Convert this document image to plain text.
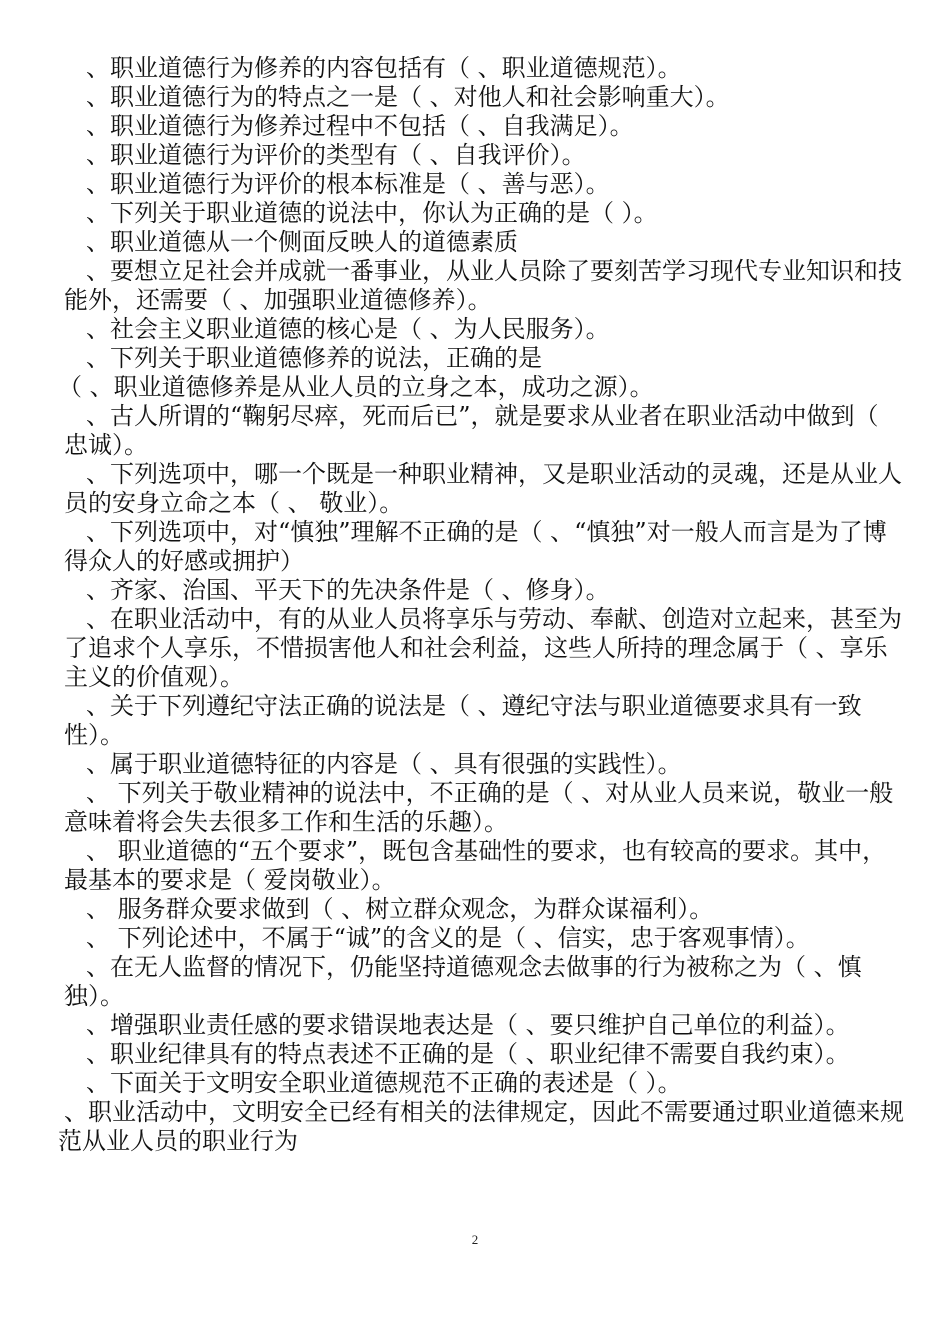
、职业道德行为修养的内容包括有（ 、职业道德规范）。

、职业道德行为的特点之一是（ 、对他人和社会影响重大）。

、职业道德行为修养过程中不包括（ 、自我满足）。

、职业道德行为评价的类型有（ 、自我评价）。

、职业道德行为评价的根本标准是（ 、善与恶）。

、下列关于职业道德的说法中，你认为正确的是（ ）。

、职业道德从一个侧面反映人的道德素质

、要想立足社会并成就一番事业，从业人员除了要刻苦学习现代专业知识和技能外，还需要（ 、加强职业道德修养）。

、社会主义职业道德的核心是（ 、为人民服务）。

、下列关于职业道德修养的说法，正确的是

（ 、职业道德修养是从业人员的立身之本，成功之源）。

、古人所谓的“鞠躬尽瘁，死而后已”，就是要求从业者在职业活动中做到（ 忠诚）。

、下列选项中，哪一个既是一种职业精神，又是职业活动的灵魂，还是从业人员的安身立命之本（ 、 敬业）。

、下列选项中，对“慎独”理解不正确的是（ 、“慎独”对一般人而言是为了博得众人的好感或拥护）

、齐家、治国、平天下的先决条件是（ 、修身）。

、在职业活动中，有的从业人员将享乐与劳动、奉献、创造对立起来，甚至为了追求个人享乐，不惜损害他人和社会利益，这些人所持的理念属于（ 、享乐主义的价值观）。

、关于下列遵纪守法正确的说法是（ 、遵纪守法与职业道德要求具有一致性）。

、属于职业道德特征的内容是（ 、具有很强的实践性）。

、 下列关于敬业精神的说法中，不正确的是（ 、对从业人员来说，敬业一般意味着将会失去很多工作和生活的乐趣）。

、 职业道德的“五个要求”，既包含基础性的要求，也有较高的要求。其中，最基本的要求是（ 爱岗敬业）。

、 服务群众要求做到（ 、树立群众观念，为群众谋福利）。

、 下列论述中，不属于“诚”的含义的是（ 、信实，忠于客观事情）。

、在无人监督的情况下，仍能坚持道德观念去做事的行为被称之为（ 、慎独）。

、增强职业责任感的要求错误地表达是（ 、要只维护自己单位的利益）。

、职业纪律具有的特点表述不正确的是（ 、职业纪律不需要自我约束）。

、下面关于文明安全职业道德规范不正确的表述是（ ）。

、职业活动中，文明安全已经有相关的法律规定，因此不需要通过职业道德来规范从业人员的职业行为

2
